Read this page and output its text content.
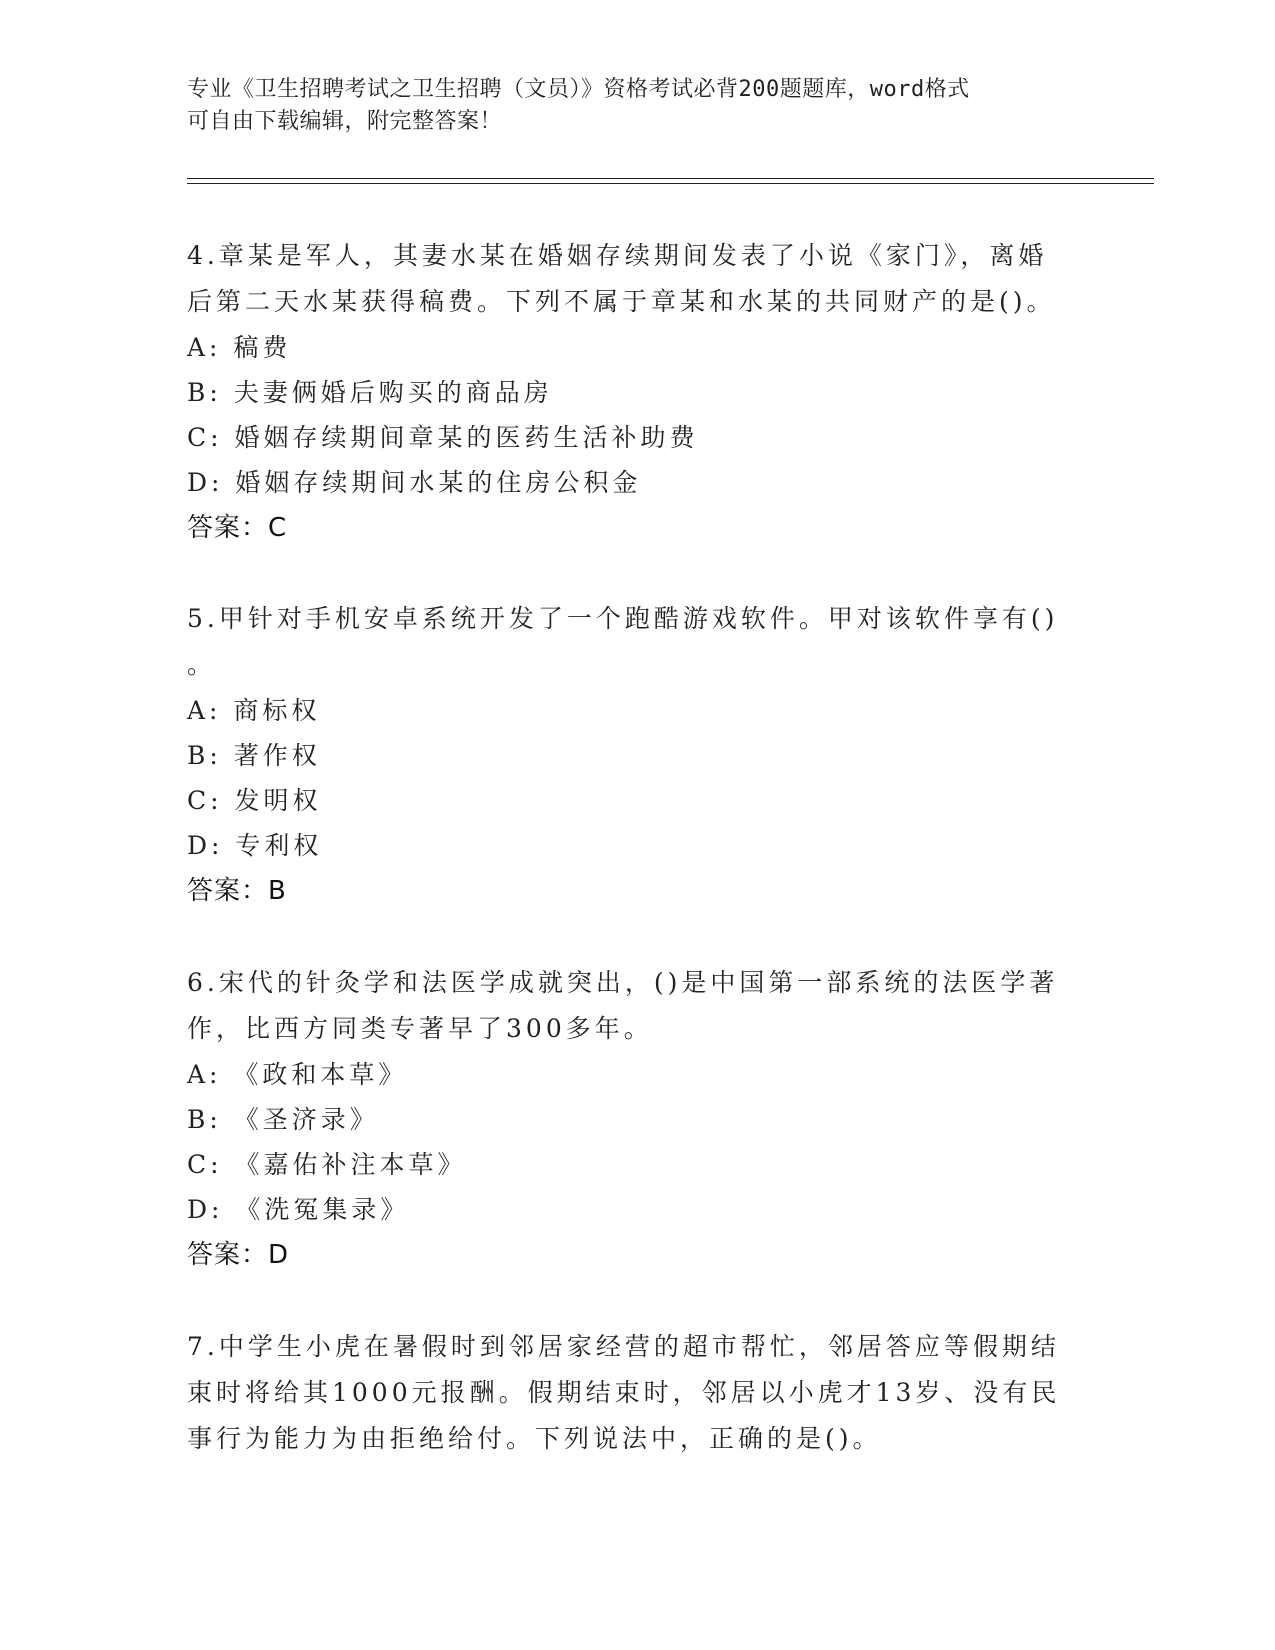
专业《卫生招聘考试之卫生招聘（文员）》资格考试必背200题题库，word格式
可自由下载编辑，附完整答案！
4.章某是军人，其妻水某在婚姻存续期间发表了小说《家门》，离婚
后第二天水某获得稿费。下列不属于章某和水某的共同财产的是()。
A: 稿费
B: 夫妻俩婚后购买的商品房
C: 婚姻存续期间章某的医药生活补助费
D: 婚姻存续期间水某的住房公积金
答案：C
5.甲针对手机安卓系统开发了一个跑酷游戏软件。甲对该软件享有()
。
A: 商标权
B: 著作权
C: 发明权
D: 专利权
答案：B
6.宋代的针灸学和法医学成就突出，()是中国第一部系统的法医学著
作，比西方同类专著早了300多年。
A: 《政和本草》
B: 《圣济录》
C: 《嘉佑补注本草》
D: 《洗冤集录》
答案：D
7.中学生小虎在暑假时到邻居家经营的超市帮忙，邻居答应等假期结
束时将给其1000元报酬。假期结束时，邻居以小虎才13岁、没有民
事行为能力为由拒绝给付。下列说法中，正确的是()。
